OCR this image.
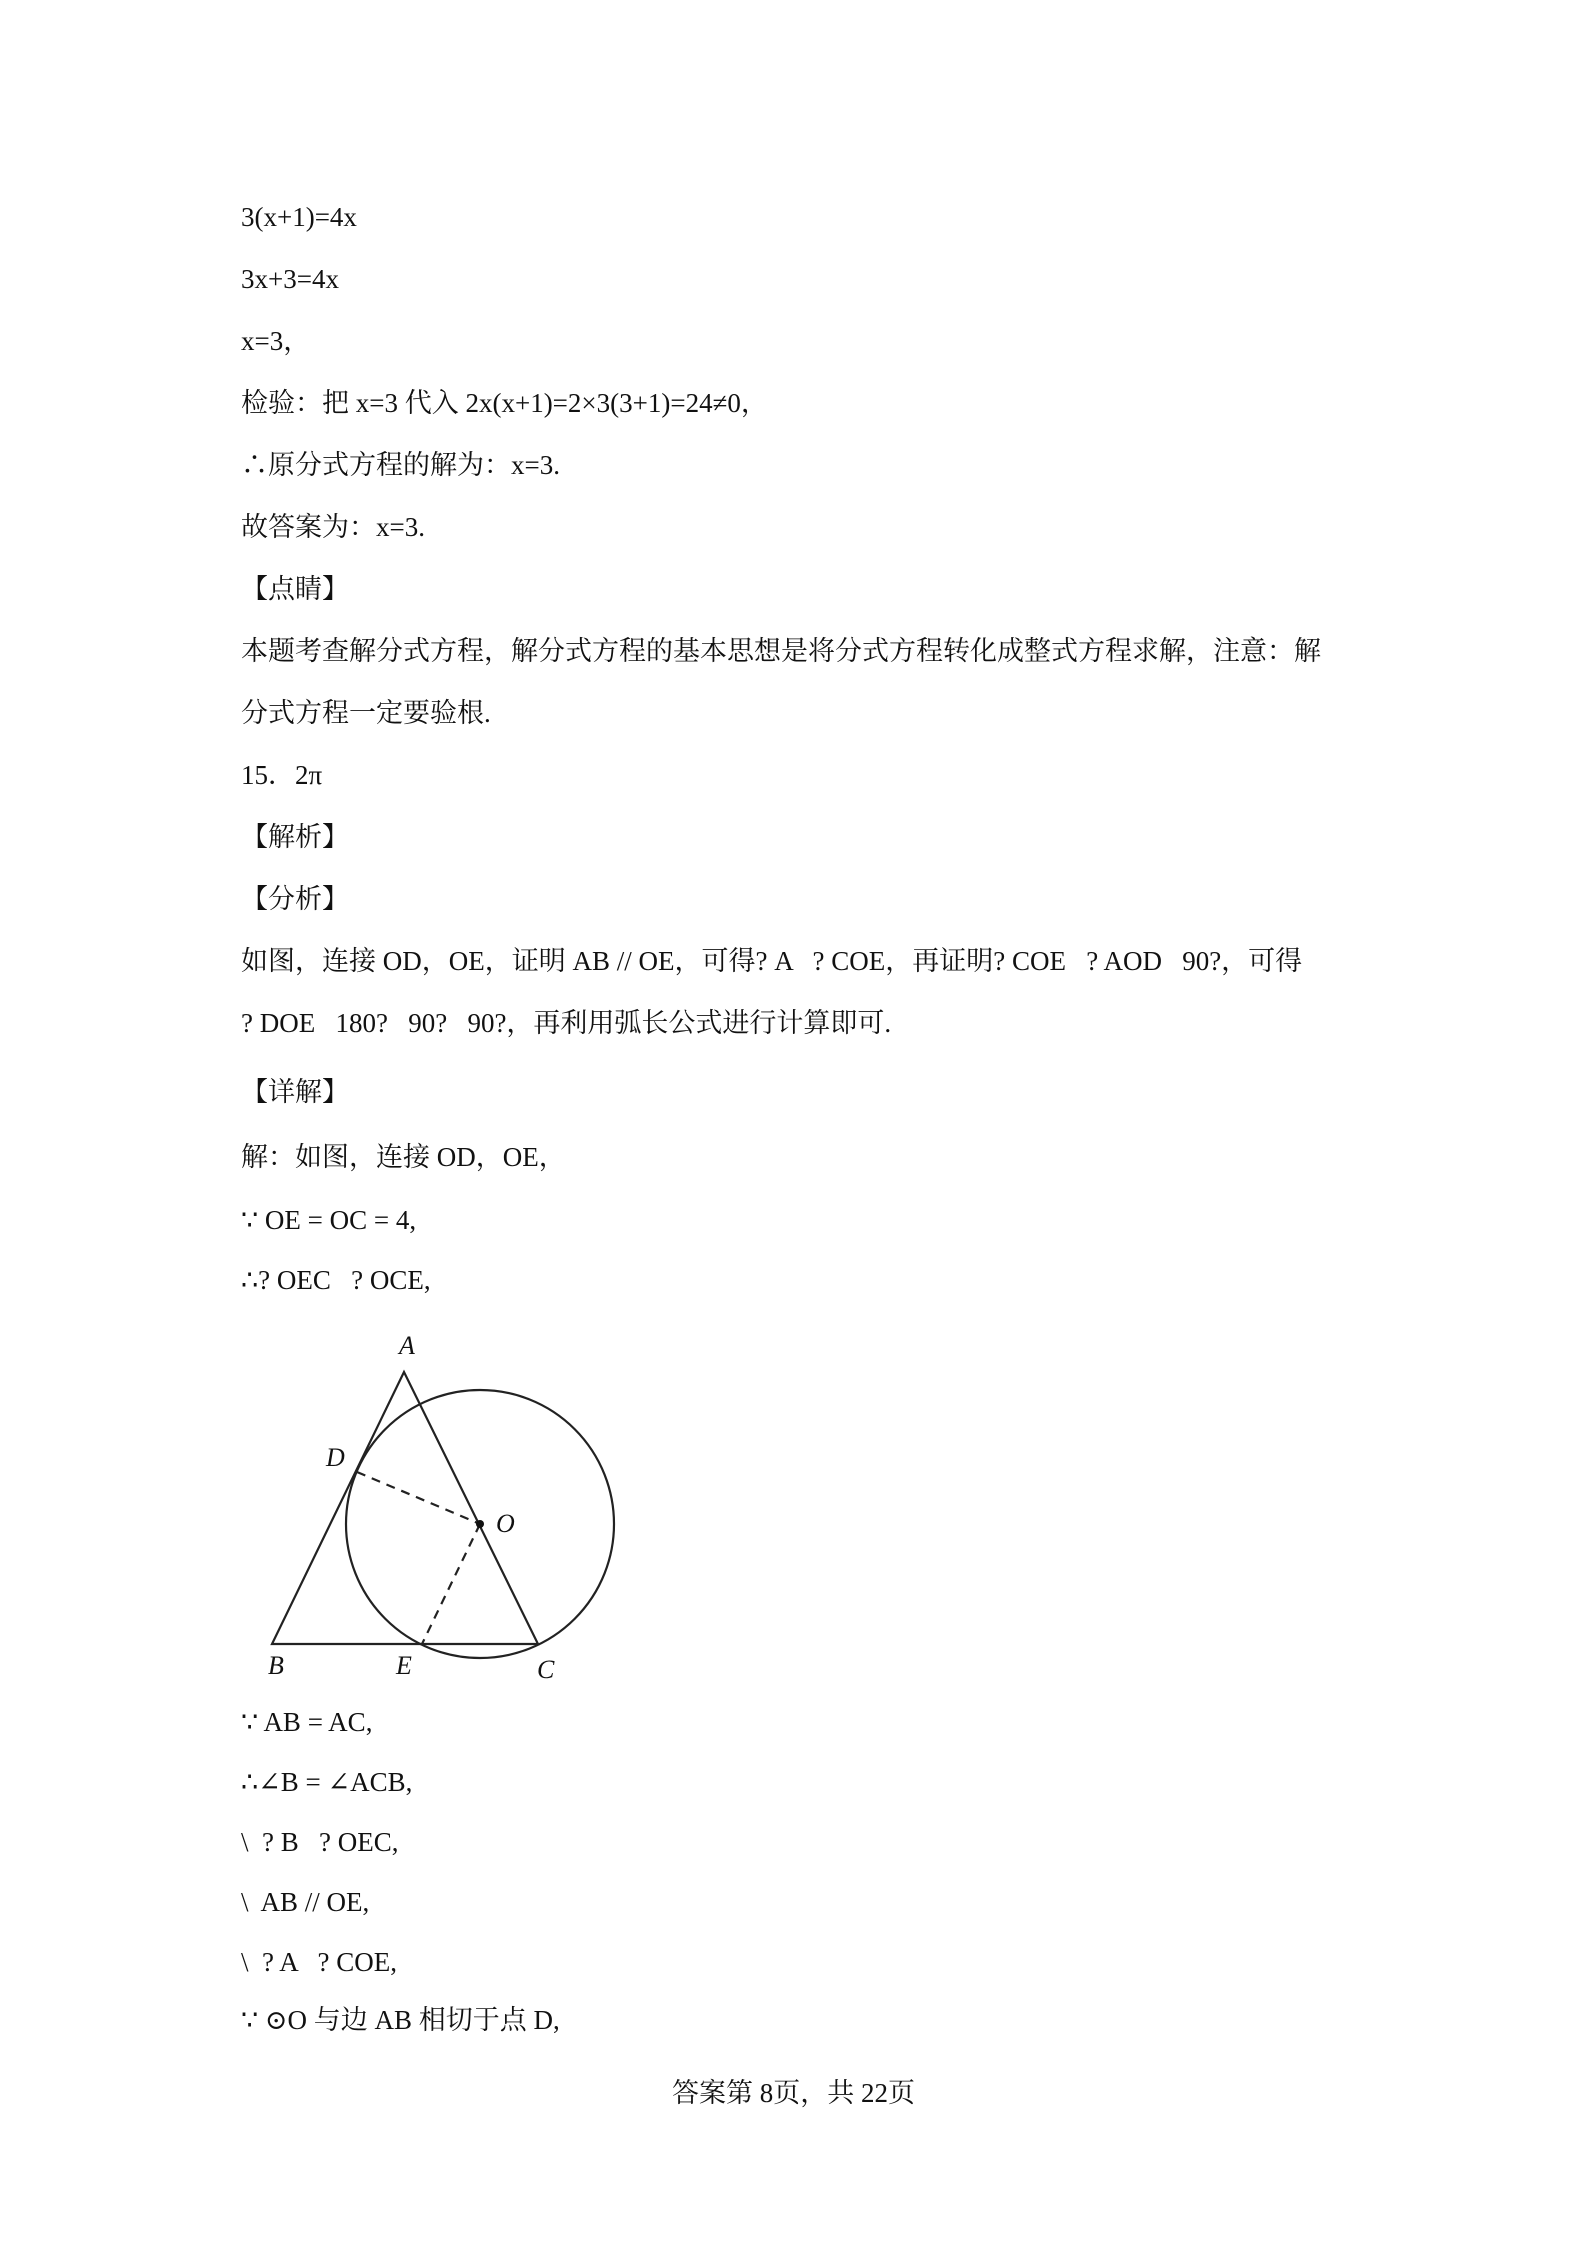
3(x+1)=4x
3x+3=4x
x=3，
检验：把 x=3 代入 2x(x+1)=2×3(3+1)=24≠0，
∴原分式方程的解为：x=3.
故答案为：x=3.
【点睛】
本题考查解分式方程，解分式方程的基本思想是将分式方程转化成整式方程求解，注意：解
分式方程一定要验根.
15．2π
【解析】
【分析】
如图，连接 OD，OE，证明 AB // OE，可得? A   ? COE，再证明? COE   ? AOD   90?，可得
? DOE   180?   90?   90?，再利用弧长公式进行计算即可.
【详解】
解：如图，连接 OD，OE，
∵ OE = OC = 4,
∴? OEC   ? OCE,
A
D
O
B	E	C
∵ AB = AC,
∴∠B = ∠ACB,
\  ? B   ? OEC,
\  AB // OE,
\  ? A   ? COE,
∵ ⊙O 与边 AB 相切于点 D,
答案第 8页，共 22页
